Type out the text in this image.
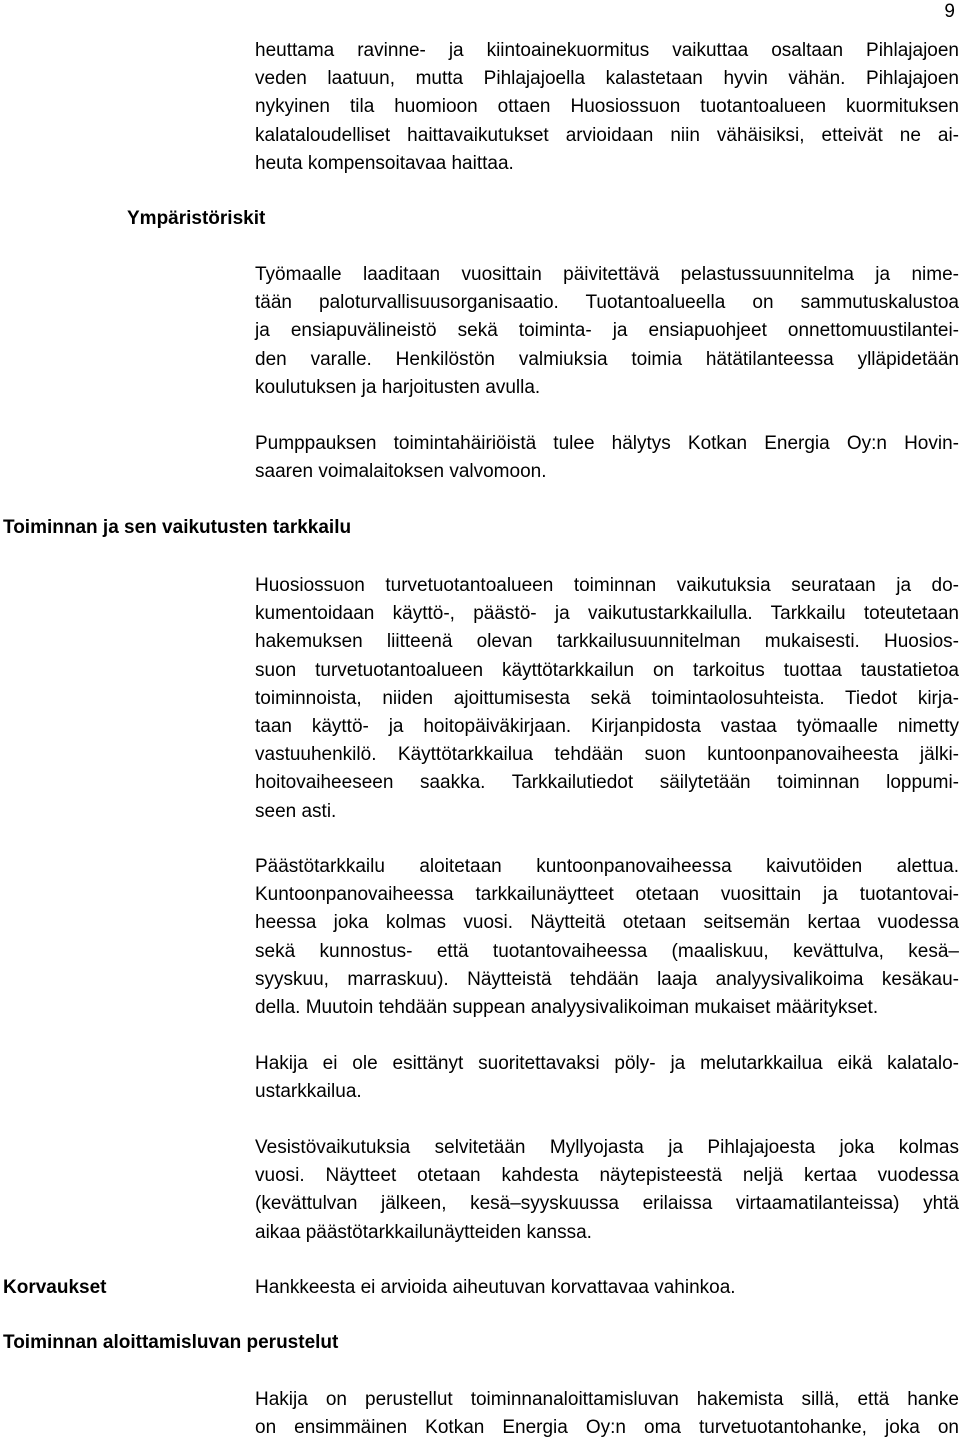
9
heuttama ravinne- ja kiintoainekuormitus vaikuttaa osaltaan Pihlajajoen
veden laatuun, mutta Pihlajajoella kalastetaan hyvin vähän. Pihlajajoen
nykyinen tila huomioon ottaen Huosiossuon tuotantoalueen kuormituksen
kalataloudelliset haittavaikutukset arvioidaan niin vähäisiksi, etteivät ne ai-
heuta kompensoitavaa haittaa.
Ympäristöriskit
Työmaalle laaditaan vuosittain päivitettävä pelastussuunnitelma ja nime-
tään paloturvallisuusorganisaatio. Tuotantoalueella on sammutuskalustoa
ja ensiapuvälineistö sekä toiminta- ja ensiapuohjeet onnettomuustilantei-
den varalle. Henkilöstön valmiuksia toimia hätätilanteessa ylläpidetään
koulutuksen ja harjoitusten avulla.
Pumppauksen toimintahäiriöistä tulee hälytys Kotkan Energia Oy:n Hovin-
saaren voimalaitoksen valvomoon.
Toiminnan ja sen vaikutusten tarkkailu
Huosiossuon turvetuotantoalueen toiminnan vaikutuksia seurataan ja do-
kumentoidaan käyttö-, päästö- ja vaikutustarkkailulla. Tarkkailu toteutetaan
hakemuksen liitteenä olevan tarkkailusuunnitelman mukaisesti. Huosios-
suon turvetuotantoalueen käyttötarkkailun on tarkoitus tuottaa taustatietoa
toiminnoista, niiden ajoittumisesta sekä toimintaolosuhteista. Tiedot kirja-
taan käyttö- ja hoitopäiväkirjaan. Kirjanpidosta vastaa työmaalle nimetty
vastuuhenkilö. Käyttötarkkailua tehdään suon kuntoonpanovaiheesta jälki-
hoitovaiheeseen saakka. Tarkkailutiedot säilytetään toiminnan loppumi-
seen asti.
Päästötarkkailu aloitetaan kuntoonpanovaiheessa kaivutöiden alettua.
Kuntoonpanovaiheessa tarkkailunäytteet otetaan vuosittain ja tuotantovai-
heessa joka kolmas vuosi. Näytteitä otetaan seitsemän kertaa vuodessa
sekä kunnostus- että tuotantovaiheessa (maaliskuu, kevättulva, kesä–
syyskuu, marraskuu). Näytteistä tehdään laaja analyysivalikoima kesäkau-
della. Muutoin tehdään suppean analyysivalikoiman mukaiset määritykset.
Hakija ei ole esittänyt suoritettavaksi pöly- ja melutarkkailua eikä kalatalo-
ustarkkailua.
Vesistövaikutuksia selvitetään Myllyojasta ja Pihlajajoesta joka kolmas
vuosi. Näytteet otetaan kahdesta näytepisteestä neljä kertaa vuodessa
(kevättulvan jälkeen, kesä–syyskuussa erilaissa virtaamatilanteissa) yhtä
aikaa päästötarkkailunäytteiden kanssa.
Korvaukset	Hankkeesta ei arvioida aiheutuvan korvattavaa vahinkoa.
Toiminnan aloittamisluvan perustelut
Hakija on perustellut toiminnanaloittamisluvan hakemista sillä, että hanke
on ensimmäinen Kotkan Energia Oy:n oma turvetuotantohanke, joka on
